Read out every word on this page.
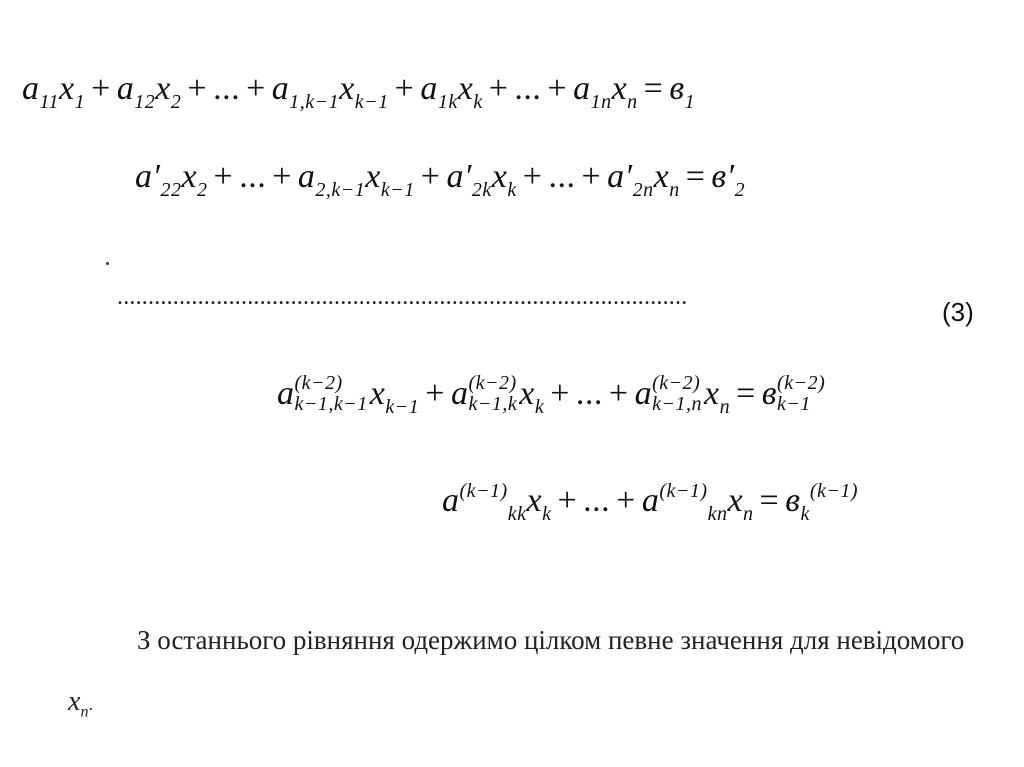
$a_{11}x_1 + a_{12}x_2$ + ... + $a_{1,k-1}x_{k-1} + a_{1k}x_k$ + ... + $a_{1n}x_n = в_1$
$a'_{22}x_2$ + ... + $a_{2,k-1}x_{k-1} + a'_{2k}x_k$ + ... + $a'_{2n}x_n = в'_2$
............................................................................................	(3)
a (k−2)
k−1,k−1 $x_{k-1} + a$ (k−2)
k−1,k $x_k$ + ... + a (k−2)
k−1,n $x_n = в$ (k−2)
k−1
$a^{(k-1)}_{kk}x_k$ + ... + $a^{(k-1)}_{kn}x_n = в_k^{(k-1)}$
З останнього рівняння одержимо цілком певне значення для невідомого
$x_n$.
